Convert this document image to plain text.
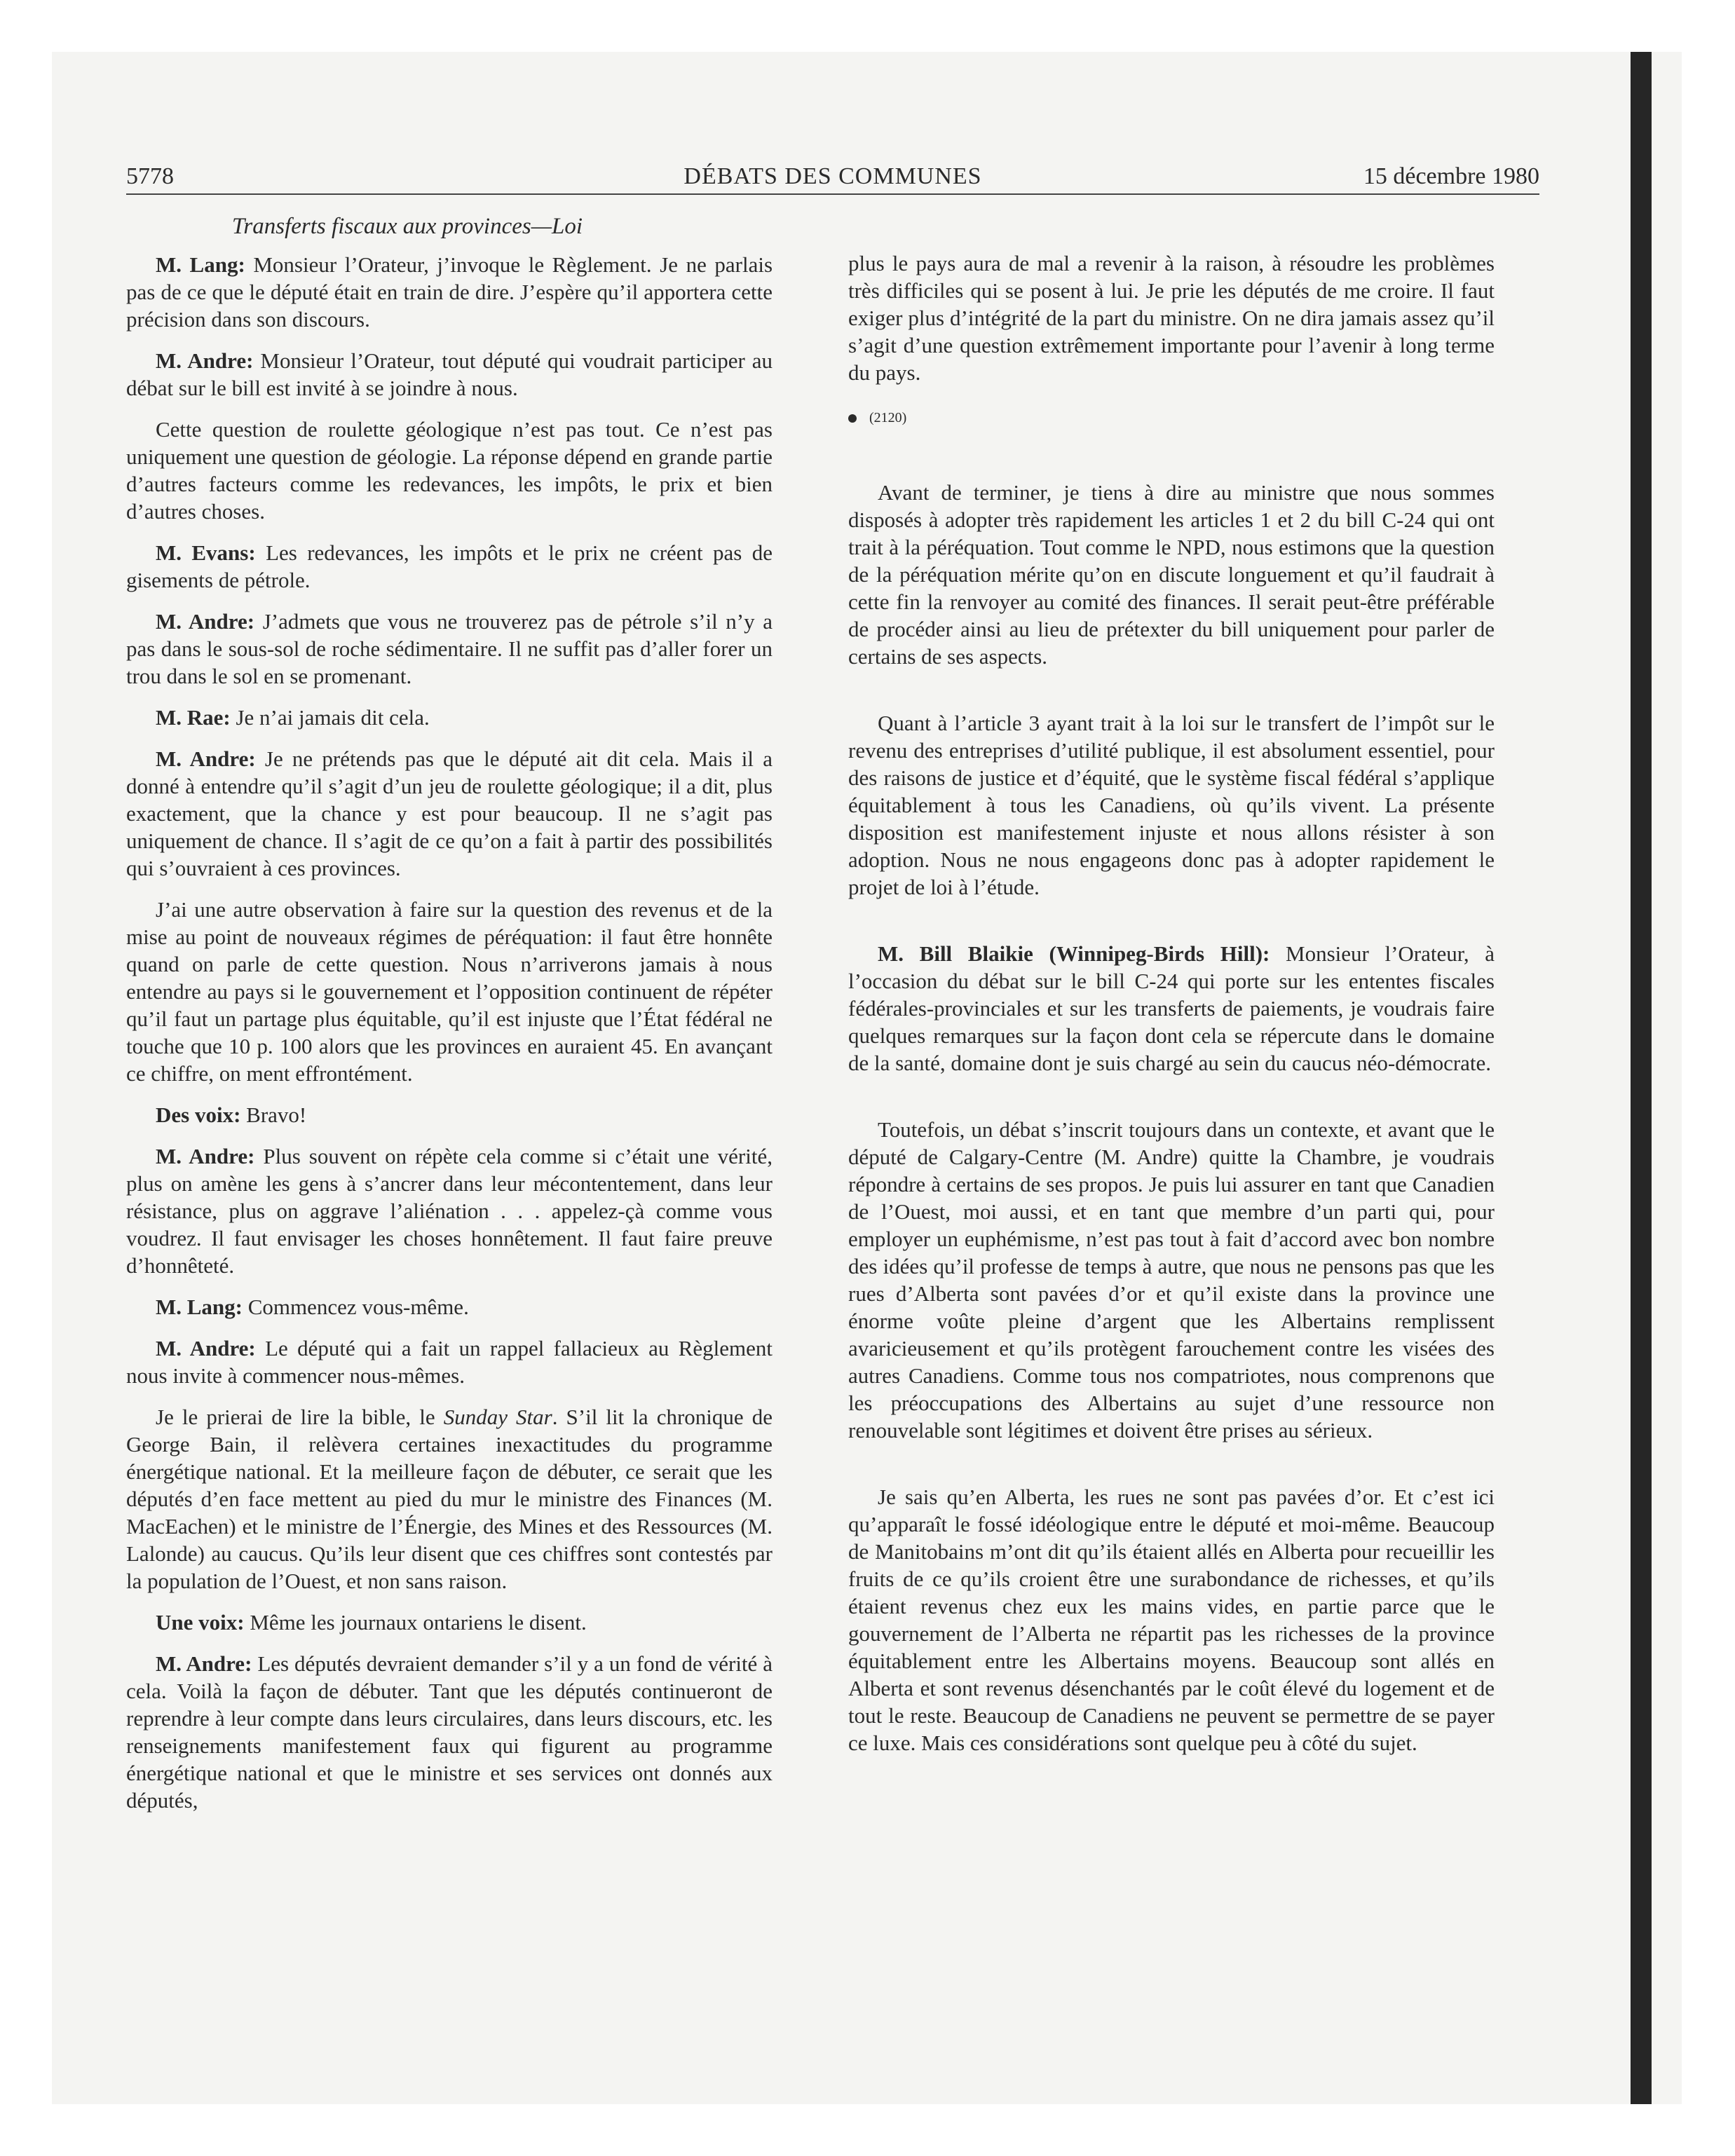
5778	DÉBATS DES COMMUNES	15 décembre 1980
Transferts fiscaux aux provinces—Loi

M. Lang: Monsieur l’Orateur, j’invoque le Règlement. Je ne parlais pas de ce que le député était en train de dire. J’espère qu’il apportera cette précision dans son discours.

M. Andre: Monsieur l’Orateur, tout député qui voudrait participer au débat sur le bill est invité à se joindre à nous.

Cette question de roulette géologique n’est pas tout. Ce n’est pas uniquement une question de géologie. La réponse dépend en grande partie d’autres facteurs comme les redevances, les impôts, le prix et bien d’autres choses.

M. Evans: Les redevances, les impôts et le prix ne créent pas de gisements de pétrole.

M. Andre: J’admets que vous ne trouverez pas de pétrole s’il n’y a pas dans le sous-sol de roche sédimentaire. Il ne suffit pas d’aller forer un trou dans le sol en se promenant.

M. Rae: Je n’ai jamais dit cela.

M. Andre: Je ne prétends pas que le député ait dit cela. Mais il a donné à entendre qu’il s’agit d’un jeu de roulette géologique; il a dit, plus exactement, que la chance y est pour beaucoup. Il ne s’agit pas uniquement de chance. Il s’agit de ce qu’on a fait à partir des possibilités qui s’ouvraient à ces provinces.

J’ai une autre observation à faire sur la question des revenus et de la mise au point de nouveaux régimes de péréquation: il faut être honnête quand on parle de cette question. Nous n’arriverons jamais à nous entendre au pays si le gouvernement et l’opposition continuent de répéter qu’il faut un partage plus équitable, qu’il est injuste que l’État fédéral ne touche que 10 p. 100 alors que les provinces en auraient 45. En avançant ce chiffre, on ment effrontément.

Des voix: Bravo!

M. Andre: Plus souvent on répète cela comme si c’était une vérité, plus on amène les gens à s’ancrer dans leur mécontentement, dans leur résistance, plus on aggrave l’aliénation . . . appelez-çà comme vous voudrez. Il faut envisager les choses honnêtement. Il faut faire preuve d’honnêteté.

M. Lang: Commencez vous-même.

M. Andre: Le député qui a fait un rappel fallacieux au Règlement nous invite à commencer nous-mêmes.

Je le prierai de lire la bible, le Sunday Star. S’il lit la chronique de George Bain, il relèvera certaines inexactitudes du programme énergétique national. Et la meilleure façon de débuter, ce serait que les députés d’en face mettent au pied du mur le ministre des Finances (M. MacEachen) et le ministre de l’Énergie, des Mines et des Ressources (M. Lalonde) au caucus. Qu’ils leur disent que ces chiffres sont contestés par la population de l’Ouest, et non sans raison.

Une voix: Même les journaux ontariens le disent.

M. Andre: Les députés devraient demander s’il y a un fond de vérité à cela. Voilà la façon de débuter. Tant que les députés continueront de reprendre à leur compte dans leurs circulaires, dans leurs discours, etc. les renseignements manifestement faux qui figurent au programme énergétique national et que le ministre et ses services ont donnés aux députés,

plus le pays aura de mal a revenir à la raison, à résoudre les problèmes très difficiles qui se posent à lui. Je prie les députés de me croire. Il faut exiger plus d’intégrité de la part du ministre. On ne dira jamais assez qu’il s’agit d’une question extrêmement importante pour l’avenir à long terme du pays.

(2120)

Avant de terminer, je tiens à dire au ministre que nous sommes disposés à adopter très rapidement les articles 1 et 2 du bill C-24 qui ont trait à la péréquation. Tout comme le NPD, nous estimons que la question de la péréquation mérite qu’on en discute longuement et qu’il faudrait à cette fin la renvoyer au comité des finances. Il serait peut-être préférable de procéder ainsi au lieu de prétexter du bill uniquement pour parler de certains de ses aspects.

Quant à l’article 3 ayant trait à la loi sur le transfert de l’impôt sur le revenu des entreprises d’utilité publique, il est absolument essentiel, pour des raisons de justice et d’équité, que le système fiscal fédéral s’applique équitablement à tous les Canadiens, où qu’ils vivent. La présente disposition est manifestement injuste et nous allons résister à son adoption. Nous ne nous engageons donc pas à adopter rapidement le projet de loi à l’étude.

M. Bill Blaikie (Winnipeg-Birds Hill): Monsieur l’Orateur, à l’occasion du débat sur le bill C-24 qui porte sur les ententes fiscales fédérales-provinciales et sur les transferts de paiements, je voudrais faire quelques remarques sur la façon dont cela se répercute dans le domaine de la santé, domaine dont je suis chargé au sein du caucus néo-démocrate.

Toutefois, un débat s’inscrit toujours dans un contexte, et avant que le député de Calgary-Centre (M. Andre) quitte la Chambre, je voudrais répondre à certains de ses propos. Je puis lui assurer en tant que Canadien de l’Ouest, moi aussi, et en tant que membre d’un parti qui, pour employer un euphémisme, n’est pas tout à fait d’accord avec bon nombre des idées qu’il professe de temps à autre, que nous ne pensons pas que les rues d’Alberta sont pavées d’or et qu’il existe dans la province une énorme voûte pleine d’argent que les Albertains remplissent avaricieusement et qu’ils protègent farouchement contre les visées des autres Canadiens. Comme tous nos compatriotes, nous comprenons que les préoccupations des Albertains au sujet d’une ressource non renouvelable sont légitimes et doivent être prises au sérieux.

Je sais qu’en Alberta, les rues ne sont pas pavées d’or. Et c’est ici qu’apparaît le fossé idéologique entre le député et moi-même. Beaucoup de Manitobains m’ont dit qu’ils étaient allés en Alberta pour recueillir les fruits de ce qu’ils croient être une surabondance de richesses, et qu’ils étaient revenus chez eux les mains vides, en partie parce que le gouvernement de l’Alberta ne répartit pas les richesses de la province équitablement entre les Albertains moyens. Beaucoup sont allés en Alberta et sont revenus désenchantés par le coût élevé du logement et de tout le reste. Beaucoup de Canadiens ne peuvent se permettre de se payer ce luxe. Mais ces considérations sont quelque peu à côté du sujet.
